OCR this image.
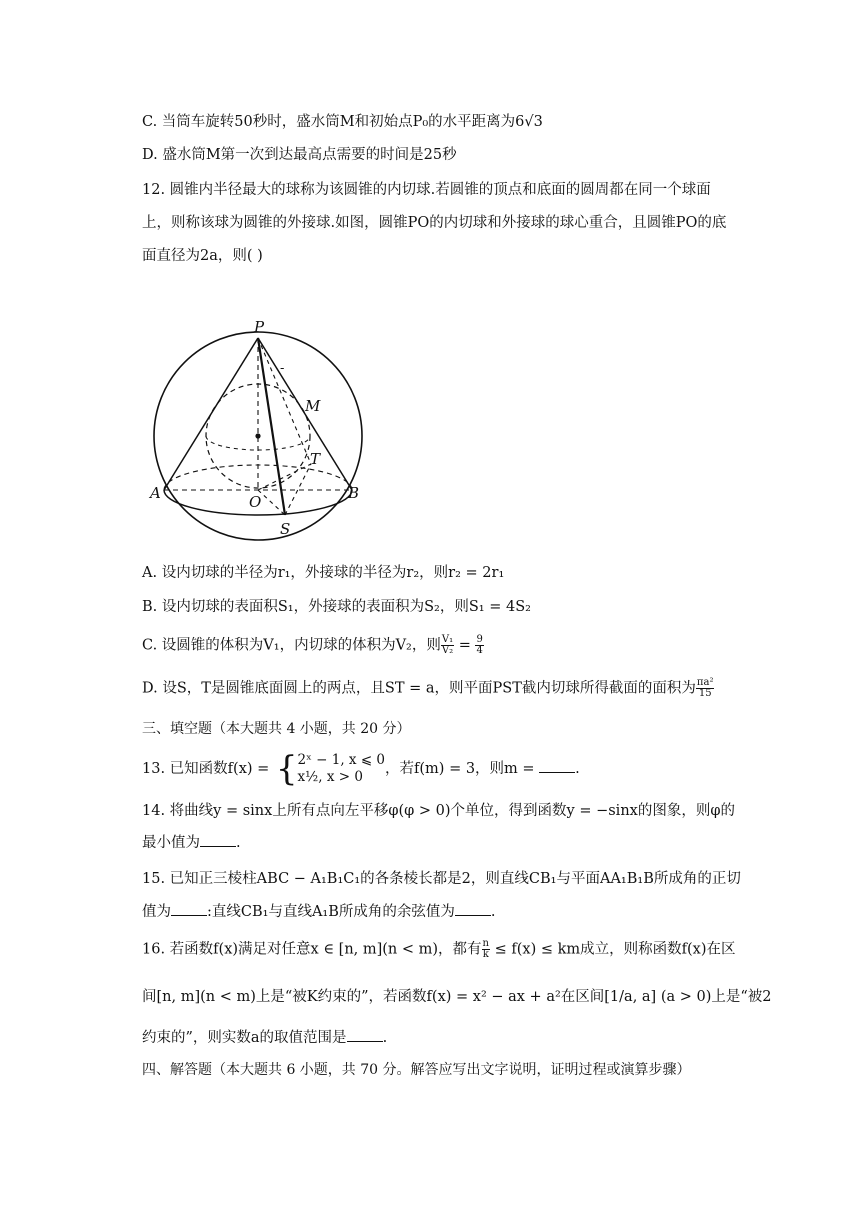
C. 当筒车旋转50秒时，盛水筒M和初始点P₀的水平距离为6√3
D. 盛水筒M第一次到达最高点需要的时间是25秒
12. 圆锥内半径最大的球称为该圆锥的内切球.若圆锥的顶点和底面的圆周都在同一个球面
上，则称该球为圆锥的外接球.如图，圆锥PO的内切球和外接球的球心重合，且圆锥PO的底
面直径为2a，则( )
P
-
M
T
A	O	B
S
A. 设内切球的半径为r₁，外接球的半径为r₂，则r₂ = 2r₁
B. 设内切球的表面积S₁，外接球的表面积为S₂，则S₁ = 4S₂
C. 设圆锥的体积为V₁，内切球的体积为V₂，则 $\frac{\text{V₁}}{\text{V₂}} = \frac{9}{4}$
D. 设S，T是圆锥底面圆上的两点，且ST = a，则平面PST截内切球所得截面的面积为 $\frac{\text{πa²}}{15}$
三、填空题（本大题共 4 小题，共 20 分）
13. 已知函数f(x) = { 2ˣ − 1, x ⩽ 0
x½, x > 0	，若f(m) = 3，则m = .
14. 将曲线y = sinx上所有点向左平移φ(φ > 0)个单位，得到函数y = −sinx的图象，则φ的
最小值为 .
15. 已知正三棱柱ABC − A₁B₁C₁的各条棱长都是2，则直线CB₁与平面AA₁B₁B所成角的正切
值为 :直线CB₁与直线A₁B所成角的余弦值为 .
16. 若函数f(x)满足对任意x ∈ [n, m](n < m)，都有 $\frac{n}{k} \le f(x)$ ≤ km成立，则称函数f(x)在区
间[n, m](n < m)上是“被K约束的”，若函数f(x) = x² − ax + a²在区间[1/a, a] (a > 0)上是“被2
约束的”，则实数a的取值范围是 .
四、解答题（本大题共 6 小题，共 70 分。解答应写出文字说明，证明过程或演算步骤）
